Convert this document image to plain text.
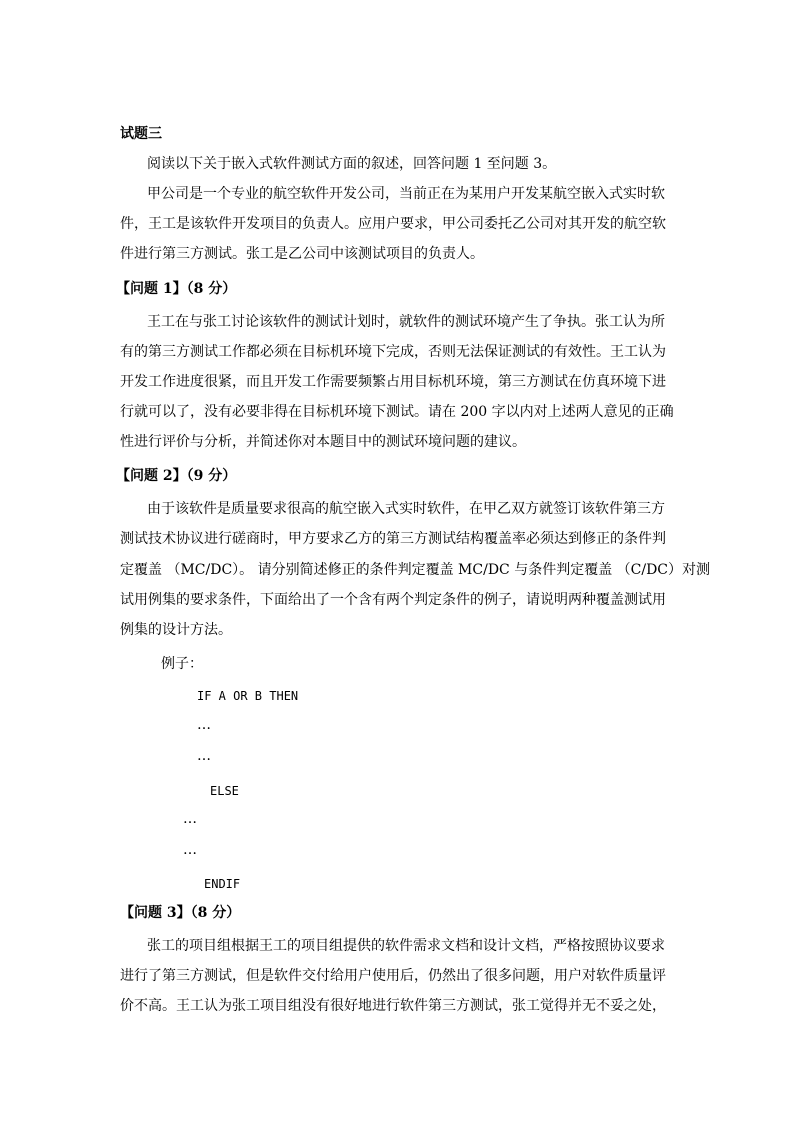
试题三
阅读以下关于嵌入式软件测试方面的叙述，回答问题 1 至问题 3。
甲公司是一个专业的航空软件开发公司，当前正在为某用户开发某航空嵌入式实时软
件，王工是该软件开发项目的负责人。应用户要求，甲公司委托乙公司对其开发的航空软
件进行第三方测试。张工是乙公司中该测试项目的负责人。
【问题 1】（8 分）
王工在与张工讨论该软件的测试计划时，就软件的测试环境产生了争执。张工认为所
有的第三方测试工作都必须在目标机环境下完成，否则无法保证测试的有效性。王工认为
开发工作进度很紧，而且开发工作需要频繁占用目标机环境，第三方测试在仿真环境下进
行就可以了，没有必要非得在目标机环境下测试。请在 200 字以内对上述两人意见的正确
性进行评价与分析，并简述你对本题目中的测试环境问题的建议。
【问题 2】（9 分）
由于该软件是质量要求很高的航空嵌入式实时软件，在甲乙双方就签订该软件第三方
测试技术协议进行磋商时，甲方要求乙方的第三方测试结构覆盖率必须达到修正的条件判
定覆盖 （MC/DC）。 请分别简述修正的条件判定覆盖 MC/DC 与条件判定覆盖 （C/DC）对测
试用例集的要求条件，下面给出了一个含有两个判定条件的例子，请说明两种覆盖测试用
例集的设计方法。
例子：
IF A OR B THEN
…
…
ELSE
…
…
ENDIF
【问题 3】（8 分）
张工的项目组根据王工的项目组提供的软件需求文档和设计文档，严格按照协议要求
进行了第三方测试，但是软件交付给用户使用后，仍然出了很多问题，用户对软件质量评
价不高。王工认为张工项目组没有很好地进行软件第三方测试，张工觉得并无不妥之处，
